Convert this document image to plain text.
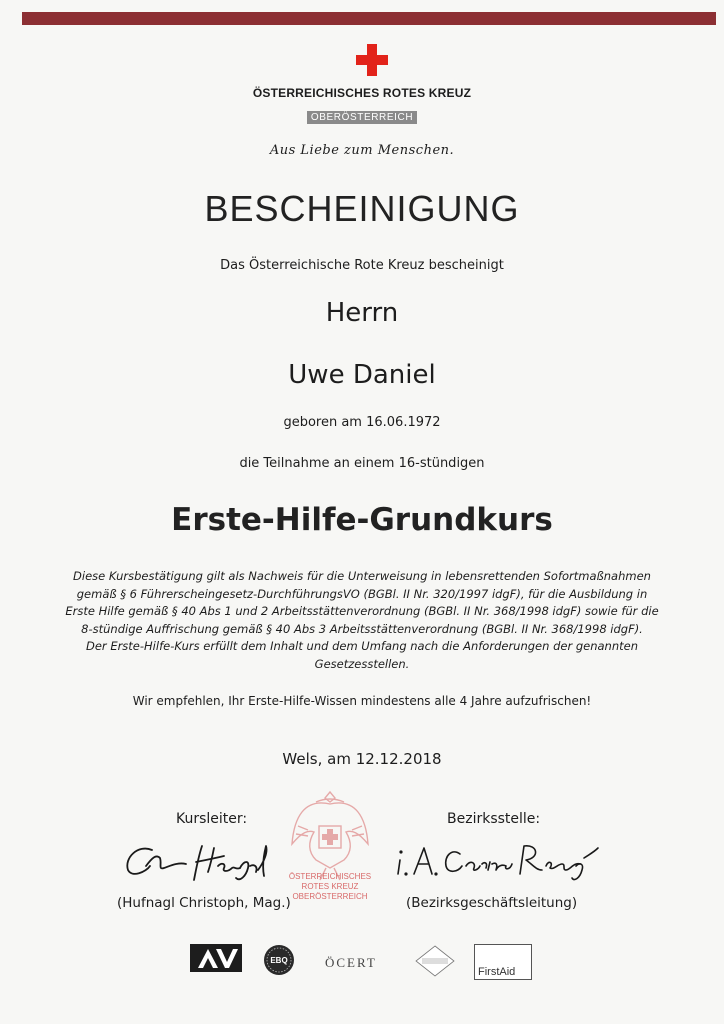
ÖSTERREICHISCHES ROTES KREUZ
OBERÖSTERREICH
Aus Liebe zum Menschen.
BESCHEINIGUNG
Das Österreichische Rote Kreuz bescheinigt
Herrn
Uwe Daniel
geboren am 16.06.1972
die Teilnahme an einem 16-stündigen
Erste-Hilfe-Grundkurs
Diese Kursbestätigung gilt als Nachweis für die Unterweisung in lebensrettenden Sofortmaßnahmen
gemäß § 6 Führerscheingesetz-DurchführungsVO (BGBl. II Nr. 320/1997 idgF), für die Ausbildung in
Erste Hilfe gemäß § 40 Abs 1 und 2 Arbeitsstättenverordnung (BGBl. II Nr. 368/1998 idgF) sowie für die
8-stündige Auffrischung gemäß § 40 Abs 3 Arbeitsstättenverordnung (BGBl. II Nr. 368/1998 idgF).
Der Erste-Hilfe-Kurs erfüllt dem Inhalt und dem Umfang nach die Anforderungen der genannten
Gesetzesstellen.
Wir empfehlen, Ihr Erste-Hilfe-Wissen mindestens alle 4 Jahre aufzufrischen!
Wels, am 12.12.2018
Kursleiter:	Bezirksstelle:
ÖSTERREICHISCHES
ROTES KREUZ
OBERÖSTERREICH
(Hufnagl Christoph, Mag.)	(Bezirksgeschäftsleitung)
EBQ	ÖCERT
FirstAid
